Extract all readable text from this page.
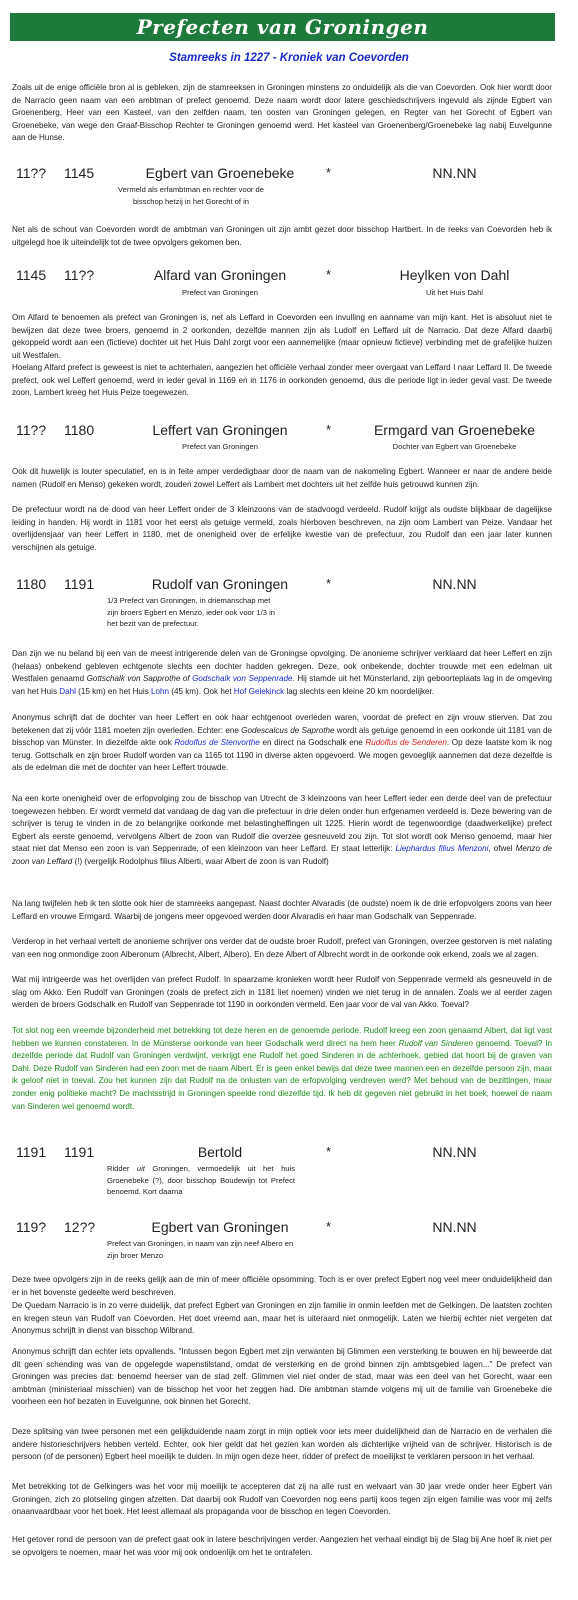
Prefecten van Groningen
Stamreeks in 1227 - Kroniek van Coevorden

Zoals uit de enige officiële bron al is gebleken, zijn de stamreeksen in Groningen minstens zo onduidelijk als die van Coevorden. Ook hier wordt door de Narracio geen naam van een ambtman of prefect genoemd. Deze naam wordt door latere geschiedschrijvers ingevuld als zijnde Egbert van Groenenberg, Heer van een Kasteel, van den zelfden naam, ten oosten van Groningen gelegen, en Regter van het Gorecht of Egbert van Groenebeke, van wege den Graaf-Bisschop Rechter te Groningen genoemd werd. Het kasteel van Groenenberg/Groenebeke lag nabij Euvelgunne aan de Hunse.

11?? 1145	Egbert van Groenebeke	*	NN.NN
Vermeld als erfambtman en rechter voor de bisschop hetzij in het Gorecht of in

Net als de schout van Coevorden wordt de ambtman van Groningen uit zijn ambt gezet door bisschop Hartbert. In de reeks van Coevorden heb ik uitgelegd hoe ik uiteindelijk tot de twee opvolgers gekomen ben.

1145 11??	Alfard van Groningen	*	Heylken von Dahl
Prefect van Groningen	Uit het Huis Dahl

Om Alfard te benoemen als prefect van Groningen is, net als Leffard in Coevorden een invulling en aanname van mijn kant. Het is absoluut niet te bewijzen dat deze twee broers, genoemd in 2 oorkonden, dezelfde mannen zijn als Ludolf en Leffard uit de Narracio. Dat deze Alfard daarbij gekoppeld wordt aan een (fictieve) dochter uit het Huis Dahl zorgt voor een aannemelijke (maar opnieuw fictieve) verbinding met de grafelijke huizen uit Westfalen.

Hoelang Alfard prefect is geweest is niet te achterhalen, aangezien het officiële verhaal zonder meer overgaat van Leffard I naar Leffard II. De tweede prefect, ook wel Leffert genoemd, werd in ieder geval in 1169 en in 1176 in oorkonden genoemd, dus die periode ligt in ieder geval vast. De tweede zoon, Lambert kreeg het Huis Peize toegewezen.

11?? 1180	Leffert van Groningen	*	Ermgard van Groenebeke
Prefect van Groningen	Dochter van Egbert van Groenebeke

Ook dit huwelijk is louter speculatief, en is in feite amper verdedigbaar door de naam van de nakomeling Egbert. Wanneer er naar de andere beide namen (Rudolf en Menso) gekeken wordt, zouden zowel Leffert als Lambert met dochters uit het zelfde huis getrouwd kunnen zijn.

De prefectuur wordt na de dood van heer Leffert onder de 3 kleinzoons van de stadvoogd verdeeld. Rudolf krijgt als oudste blijkbaar de dagelijkse leiding in handen. Hij wordt in 1181 voor het eerst als getuige vermeld, zoals hierboven beschreven, na zijn oom Lambert van Peize. Vandaar het overlijdensjaar van heer Leffert in 1180, met de onenigheid over de erfelijke kwestie van de prefectuur, zou Rudolf dan een jaar later kunnen verschijnen als getuige.

1180 1191	Rudolf van Groningen	*	NN.NN
1/3 Prefect van Groningen, in driemanschap met zijn broers Egbert en Menzo, ieder ook voor 1/3 in het bezit van de prefectuur.

Dan zijn we nu beland bij een van de meest intrigerende delen van de Groningse opvolging. De anonieme schrijver verklaard dat heer Leffert en zijn (helaas) onbekend gebleven echtgenote slechts een dochter hadden gekregen. Deze, ook onbekende, dochter trouwde met een edelman uit Westfalen genaamd Gottschalk von Sapprothe of Godschalk von Seppenrade. Hij stamde uit het Münsterland, zijn geboorteplaats lag in de omgeving van het Huis Dahl (15 km) en het Huis Lohn (45 km). Ook het Hof Gelekinck lag slechts een kleine 20 km noordelijker.

Anonymus schrijft dat de dochter van heer Leffert en ook haar echtgenoot overleden waren, voordat de prefect en zijn vrouw stierven. Dat zou betekenen dat zij vóór 1181 moeten zijn overleden. Echter: ene Godescalcus de Saprothe wordt als getuige genoemd in een oorkonde uit 1181 van de bisschop van Münster. In diezelfde akte ook Rodolfus de Stenvorthe en direct na Godschalk ene Rudolfus de Senderen. Op deze laatste kom ik nog terug. Gottschalk en zijn broer Rudolf worden van ca 1165 tot 1190 in diverse akten opgevoerd. We mogen gevoeglijk aannemen dat deze dezelfde is als de edelman die met de dochter van heer Leffert trouwde.

Na een korte onenigheid over de erfopvolging zou de bisschop van Utrecht de 3 kleinzoons van heer Leffert ieder een derde deel van de prefectuur toegewezen hebben. Er wordt vermeld dat vandaag de dag van die prefectuur in drie delen onder hun erfgenamen verdeeld is. Deze bewering van de schrijver is terug te vinden in de zo belangrijke oorkonde met belastingheffingen uit 1225. Hierin wordt de tegenwoordige (daadwerkelijke) prefect Egbert als eerste genoemd, vervolgens Albert de zoon van Rudolf die overzee gesneuveld zou zijn. Tot slot wordt ook Menso genoemd, maar hier staat niet dat Menso een zoon is van Seppenrade, of een kleinzoon van heer Leffard. Er staat letterlijk: Liephardus filius Menzoni, ofwel Menzo de zoon van Leffard (!) (vergelijk Rodolphus filius Alberti, waar Albert de zoon is van Rudolf)

Na lang twijfelen heb ik ten slotte ook hier de stamreeks aangepast. Naast dochter Alvaradis (de oudste) noem ik de drie erfopvolgers zoons van heer Leffard en vrouwe Ermgard. Waarbij de jongens meer opgevoed werden door Alvaradis en haar man Godschalk van Seppenrade.

Verderop in het verhaal vertelt de anonieme schrijver ons verder dat de oudste broer Rudolf, prefect van Groningen, overzee gestorven is met nalating van een nog onmondige zoon Alberonum (Albrecht, Albert, Albero). En deze Albert of Albrecht wordt in de oorkonde ook erkend, zoals we al zagen.

Wat mij intrigeerde was het overlijden van prefect Rudolf. In spaarzame kronieken wordt heer Rudolf von Seppenrade vermeld als gesneuveld in de slag om Akko. Een Rudolf van Groningen (zoals de prefect zich in 1181 liet noemen) vinden we niet terug in de annalen. Zoals we al eerder zagen werden de broers Godschalk en Rudolf van Seppenrade tot 1190 in oorkonden vermeld. Een jaar voor de val van Akko. Toeval?

Tot slot nog een vreemde bijzonderheid met betrekking tot deze heren en de genoemde periode. Rudolf kreeg een zoon genaamd Albert, dat ligt vast hebben we kunnen constateren. In de Münsterse oorkonde van heer Godschalk werd direct na hem heer Rudolf van Sinderen genoemd. Toeval? In dezelfde periode dat Rudolf van Groningen verdwijnt, verkrijgt ene Rudolf het goed Sinderen in de achterhoek, gebied dat hoort bij de graven van Dahl. Deze Rudolf van Sinderen had een zoon met de naam Albert. Er is geen enkel bewijs dat deze twee mannen een en dezelfde persoon zijn, maar ik geloof niet in toeval. Zou het kunnen zijn dat Rudolf na de onlusten van de erfopvolging verdreven werd? Met behoud van de bezittingen, maar zonder enig politieke macht? De machtsstrijd in Groningen speelde rond diezelfde tijd. Ik heb dit gegeven niet gebruikt in het boek, hoewel de naam van Sinderen wel genoemd wordt.

1191 1191	Bertold	*	NN.NN
Ridder uit Groningen, vermoedelijk uit het huis Groenebeke (?), door bisschop Boudewijn tot Prefect benoemd. Kort daarna
119? 12??	Egbert van Groningen	*	NN.NN
Prefect van Groningen, in naam van zijn neef Albero en zijn broer Menzo

Deze twee opvolgers zijn in de reeks gelijk aan de min of meer officiële opsomming. Toch is er over prefect Egbert nog veel meer onduidelijkheid dan er in het bovenste gedeelte werd beschreven.

De Quedam Narracio is in zo verre duidelijk, dat prefect Egbert van Groningen en zijn familie in onmin leefden met de Gelkingen. De laatsten zochten en kregen steun van Rudolf van Coevorden. Het doet vreemd aan, maar het is uiteraard niet onmogelijk. Laten we hierbij echter niet vergeten dat Anonymus schrijft in dienst van bisschop Wilbrand.

Anonymus schrijft dan echter iets opvallends. "Intussen begon Egbert met zijn verwanten bij Glimmen een versterking te bouwen en hij beweerde dat dit geen schending was van de opgelegde wapenstilstand, omdat de versterking en de grond binnen zijn ambtsgebied lagen..." De prefect van Groningen was precies dat: benoemd heerser van de stad zelf. Glimmen viel niet onder de stad, maar was een deel van het Gorecht, waar een ambtman (ministeriaal misschien) van de bisschop het voor het zeggen had. Die ambtman stamde volgens mij uit de familie van Groenebeke die voorheen een hof bezaten in Euvelgunne, ook binnen het Gorecht.

Deze splitsing van twee personen met een gelijkduidende naam zorgt in mijn optiek voor iets meer duidelijkheid dan de Narracio en de verhalen die andere historieschrijvers hebben verteld. Echter, ook hier geldt dat het gezien kan worden als dichterlijke vrijheid van de schrijver. Historisch is de persoon (of de personen) Egbert heel moeilijk te duiden. In mijn ogen deze heer, ridder of prefect de moeilijkst te verklaren persoon in het verhaal.

Met betrekking tot de Gelkingers was het voor mij moeilijk te accepteren dat zij na alle rust en welvaart van 30 jaar vrede onder heer Egbert van Groningen, zich zo plotseling gingen afzetten. Dat daarbij ook Rudolf van Coevorden nog eens partij koos tegen zijn eigen familie was voor mij zelfs onaanvaardbaar voor het boek. Het leest allemaal als propaganda voor de bisschop en tegen Coevorden.

Het getover rond de persoon van de prefect gaat ook in latere beschrijvingen verder. Aangezien het verhaal eindigt bij de Slag bij Ane hoef ik niet per se opvolgers te noemen, maar het was voor mij ook ondoenlijk om het te ontrafelen.
